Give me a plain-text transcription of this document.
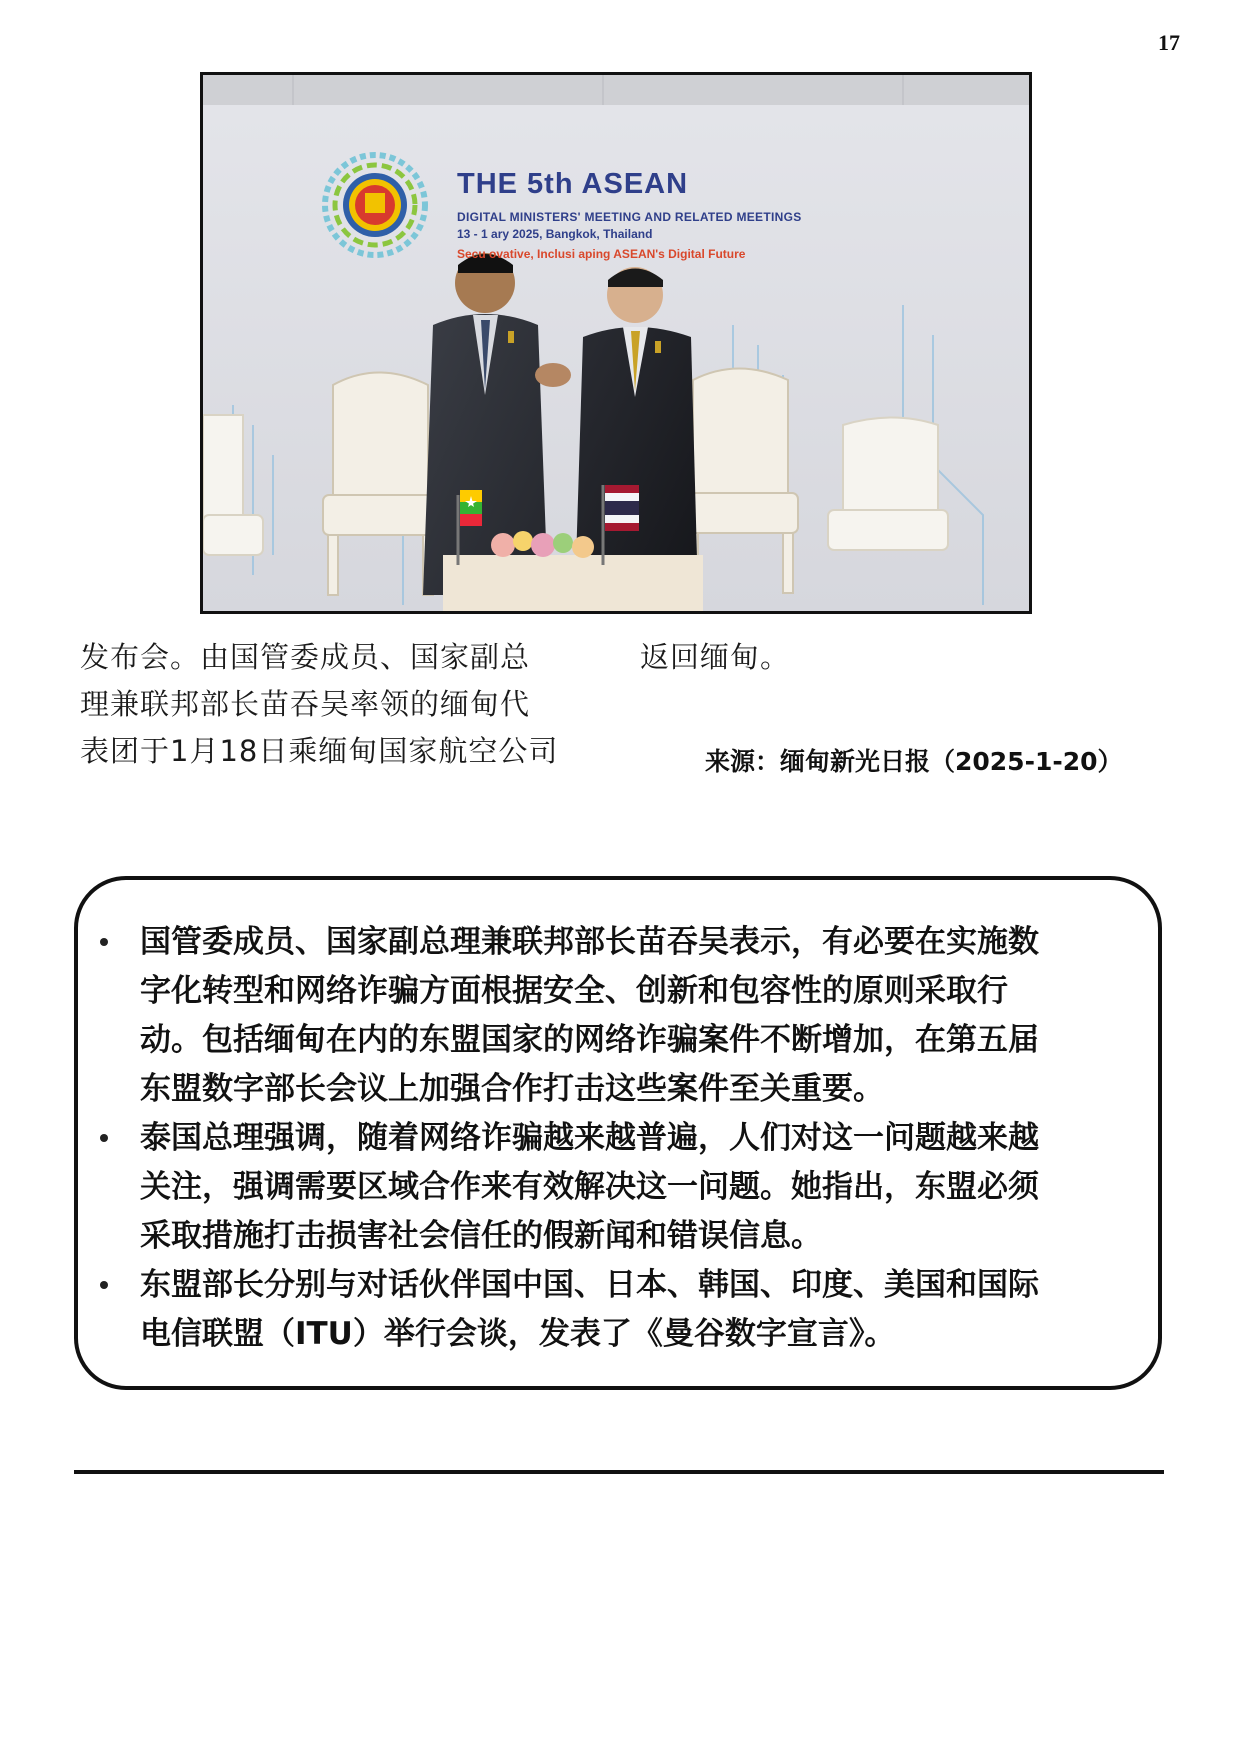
17
THE 5th ASEAN
DIGITAL MINISTERS' MEETING AND RELATED MEETINGS
13 - 1 ary 2025, Bangkok, Thailand
Secu ovative, Inclusi aping ASEAN's Digital Future
发布会。由国管委成员、国家副总
理兼联邦部长苗吞吴率领的缅甸代
表团于1月18日乘缅甸国家航空公司
返回缅甸。
来源：缅甸新光日报（2025-1-20）
国管委成员、国家副总理兼联邦部长苗吞吴表示，有必要在实施数
字化转型和网络诈骗方面根据安全、创新和包容性的原则采取行
动。包括缅甸在内的东盟国家的网络诈骗案件不断增加，在第五届
东盟数字部长会议上加强合作打击这些案件至关重要。
泰国总理强调，随着网络诈骗越来越普遍，人们对这一问题越来越
关注，强调需要区域合作来有效解决这一问题。她指出，东盟必须
采取措施打击损害社会信任的假新闻和错误信息。
东盟部长分别与对话伙伴国中国、日本、韩国、印度、美国和国际
电信联盟（ITU）举行会谈，发表了《曼谷数字宣言》。
